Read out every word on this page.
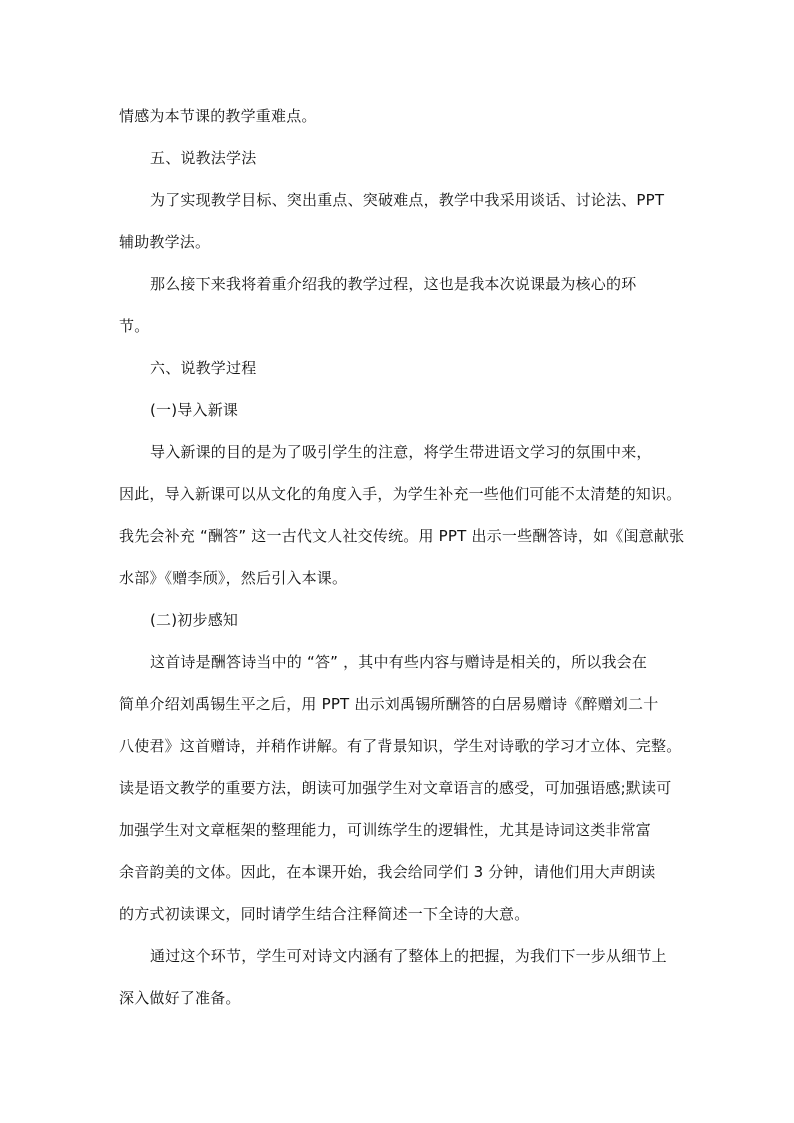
情感为本节课的教学重难点。
五、说教法学法
为了实现教学目标、突出重点、突破难点，教学中我采用谈话、讨论法、PPT
辅助教学法。
那么接下来我将着重介绍我的教学过程，这也是我本次说课最为核心的环
节。
六、说教学过程
(一)导入新课
导入新课的目的是为了吸引学生的注意，将学生带进语文学习的氛围中来，
因此，导入新课可以从文化的角度入手，为学生补充一些他们可能不太清楚的知识。
我先会补充 “酬答” 这一古代文人社交传统。用 PPT 出示一些酬答诗，如《闺意献张
水部》《赠李颀》，然后引入本课。
(二)初步感知
这首诗是酬答诗当中的 “答” ，其中有些内容与赠诗是相关的，所以我会在
简单介绍刘禹锡生平之后，用 PPT 出示刘禹锡所酬答的白居易赠诗《醉赠刘二十
八使君》这首赠诗，并稍作讲解。有了背景知识，学生对诗歌的学习才立体、完整。
读是语文教学的重要方法，朗读可加强学生对文章语言的感受，可加强语感;默读可
加强学生对文章框架的整理能力，可训练学生的逻辑性，尤其是诗词这类非常富
余音韵美的文体。因此，在本课开始，我会给同学们 3 分钟，请他们用大声朗读
的方式初读课文，同时请学生结合注释简述一下全诗的大意。
通过这个环节，学生可对诗文内涵有了整体上的把握，为我们下一步从细节上
深入做好了准备。
